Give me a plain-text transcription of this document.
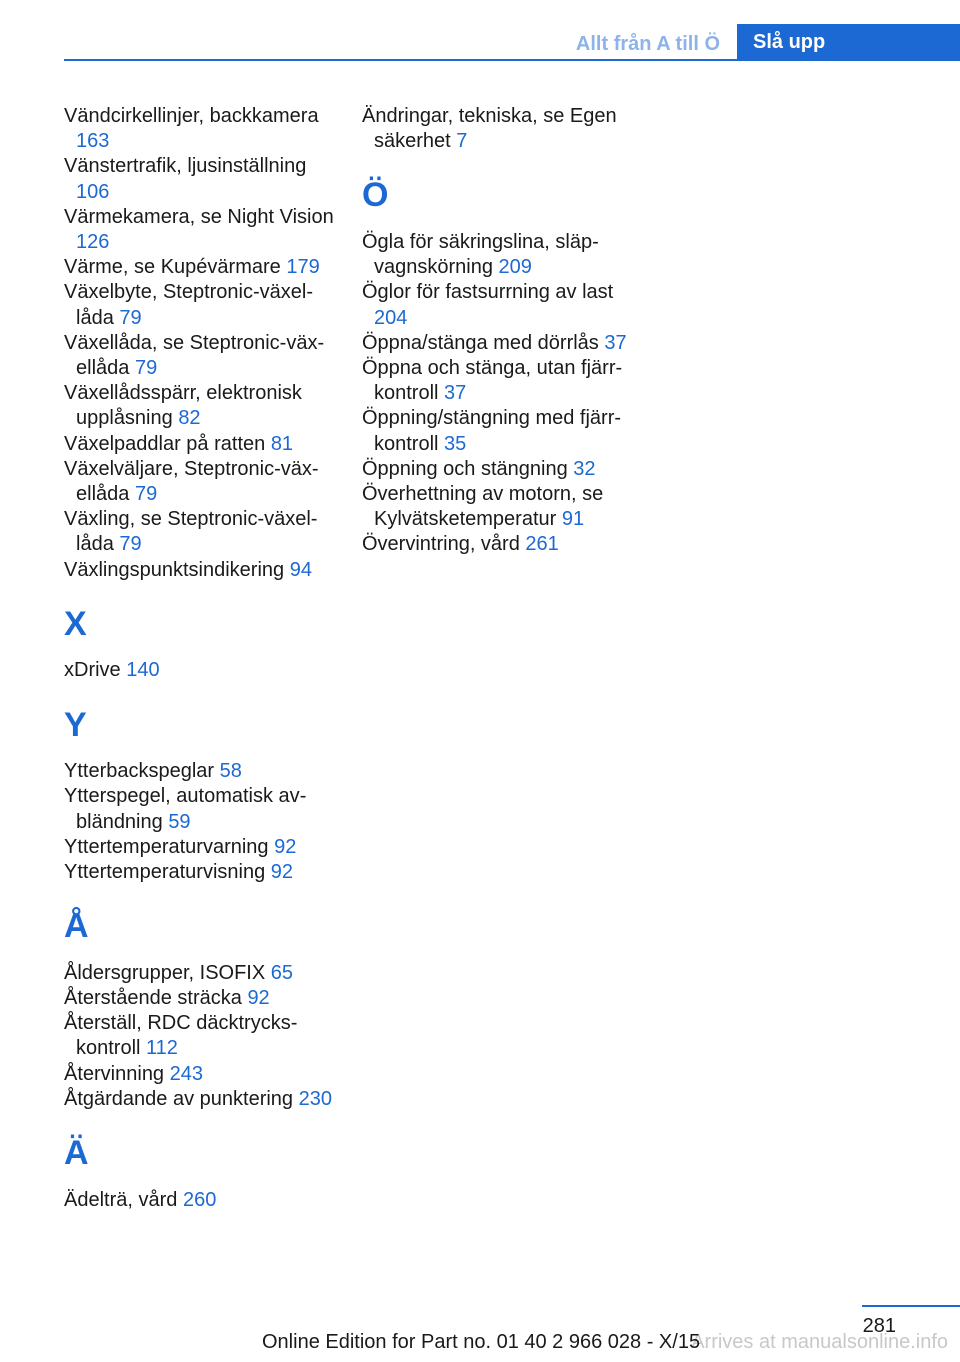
Allt från A till Ö	Slå upp
Vändcirkellinjer, backkamera 163
Vänstertrafik, ljusinställning 106
Värmekamera, se Night Vision 126
Värme, se Kupévärmare 179
Växelbyte, Steptronic-växellåda 79
Växellåda, se Steptronic-växellåda 79
Växellådsspärr, elektronisk upplåsning 82
Växelpaddlar på ratten 81
Växelväljare, Steptronic-växellåda 79
Växling, se Steptronic-växellåda 79
Växlingspunktsindikering 94
X
xDrive 140
Y
Ytterbackspeglar 58
Ytterspegel, automatisk avbländning 59
Yttertemperaturvarning 92
Yttertemperaturvisning 92
Å
Åldersgrupper, ISOFIX 65
Återstående sträcka 92
Återställ, RDC däcktryckskontroll 112
Återvinning 243
Åtgärdande av punktering 230
Ä
Ädelträ, vård 260
Ändringar, tekniska, se Egen säkerhet 7
Ö
Ögla för säkringslina, släpvagnskörning 209
Öglor för fastsurrning av last 204
Öppna/stänga med dörrlås 37
Öppna och stänga, utan fjärrkontroll 37
Öppning/stängning med fjärrkontroll 35
Öppning och stängning 32
Överhettning av motorn, se Kylvätsketemperatur 91
Övervintring, vård 261
281
Arrives at manualsonline.info
Online Edition for Part no. 01 40 2 966 028 - X/15
